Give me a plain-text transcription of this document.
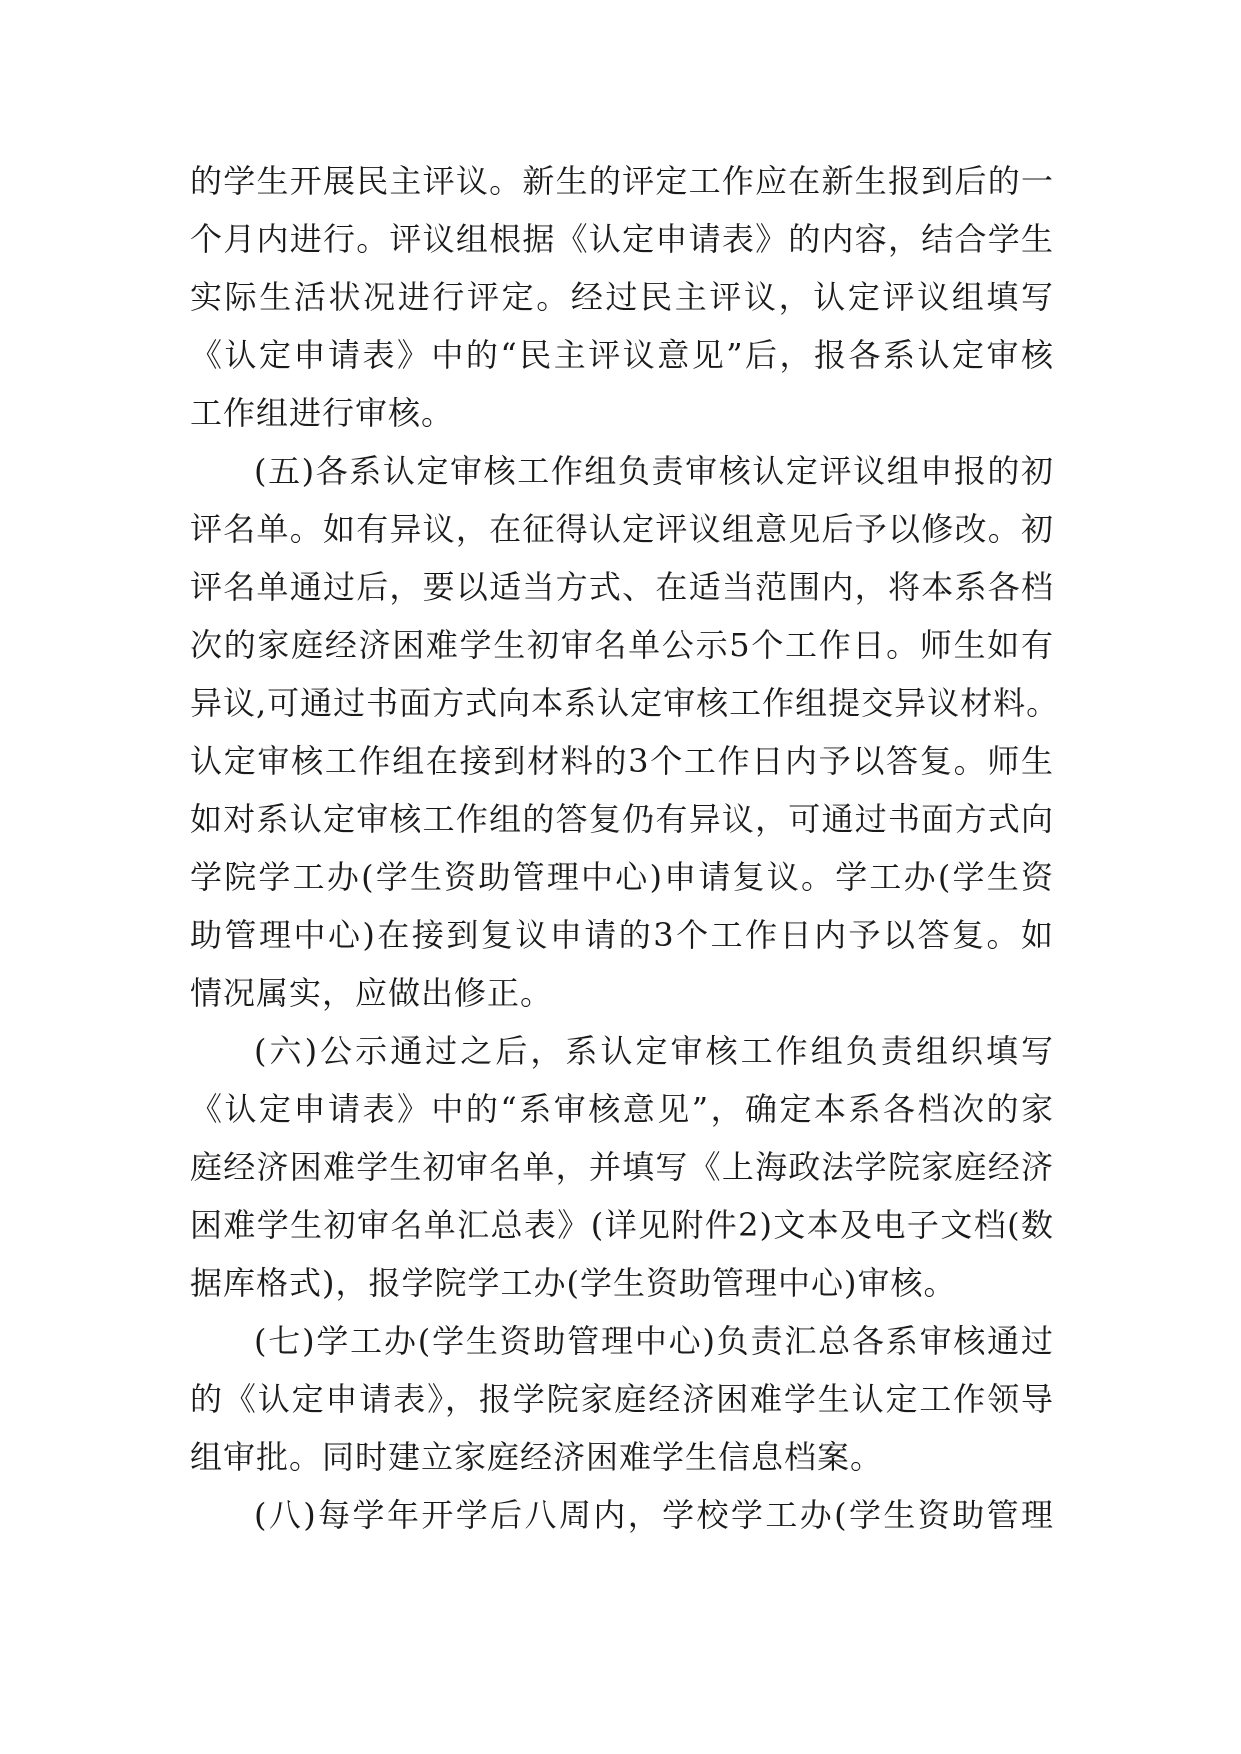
的学生开展民主评议。新生的评定工作应在新生报到后的一
个月内进行。评议组根据《认定申请表》的内容，结合学生
实际生活状况进行评定。经过民主评议，认定评议组填写
《认定申请表》中的“民主评议意见”后，报各系认定审核
工作组进行审核。
(五)各系认定审核工作组负责审核认定评议组申报的初
评名单。如有异议，在征得认定评议组意见后予以修改。初
评名单通过后，要以适当方式、在适当范围内，将本系各档
次的家庭经济困难学生初审名单公示5个工作日。师生如有
异议,可通过书面方式向本系认定审核工作组提交异议材料。
认定审核工作组在接到材料的3个工作日内予以答复。师生
如对系认定审核工作组的答复仍有异议，可通过书面方式向
学院学工办(学生资助管理中心)申请复议。学工办(学生资
助管理中心)在接到复议申请的3个工作日内予以答复。如
情况属实，应做出修正。
(六)公示通过之后，系认定审核工作组负责组织填写
《认定申请表》中的“系审核意见”，确定本系各档次的家
庭经济困难学生初审名单，并填写《上海政法学院家庭经济
困难学生初审名单汇总表》(详见附件2)文本及电子文档(数
据库格式)，报学院学工办(学生资助管理中心)审核。
(七)学工办(学生资助管理中心)负责汇总各系审核通过
的《认定申请表》，报学院家庭经济困难学生认定工作领导
组审批。同时建立家庭经济困难学生信息档案。
(八)每学年开学后八周内，学校学工办(学生资助管理
